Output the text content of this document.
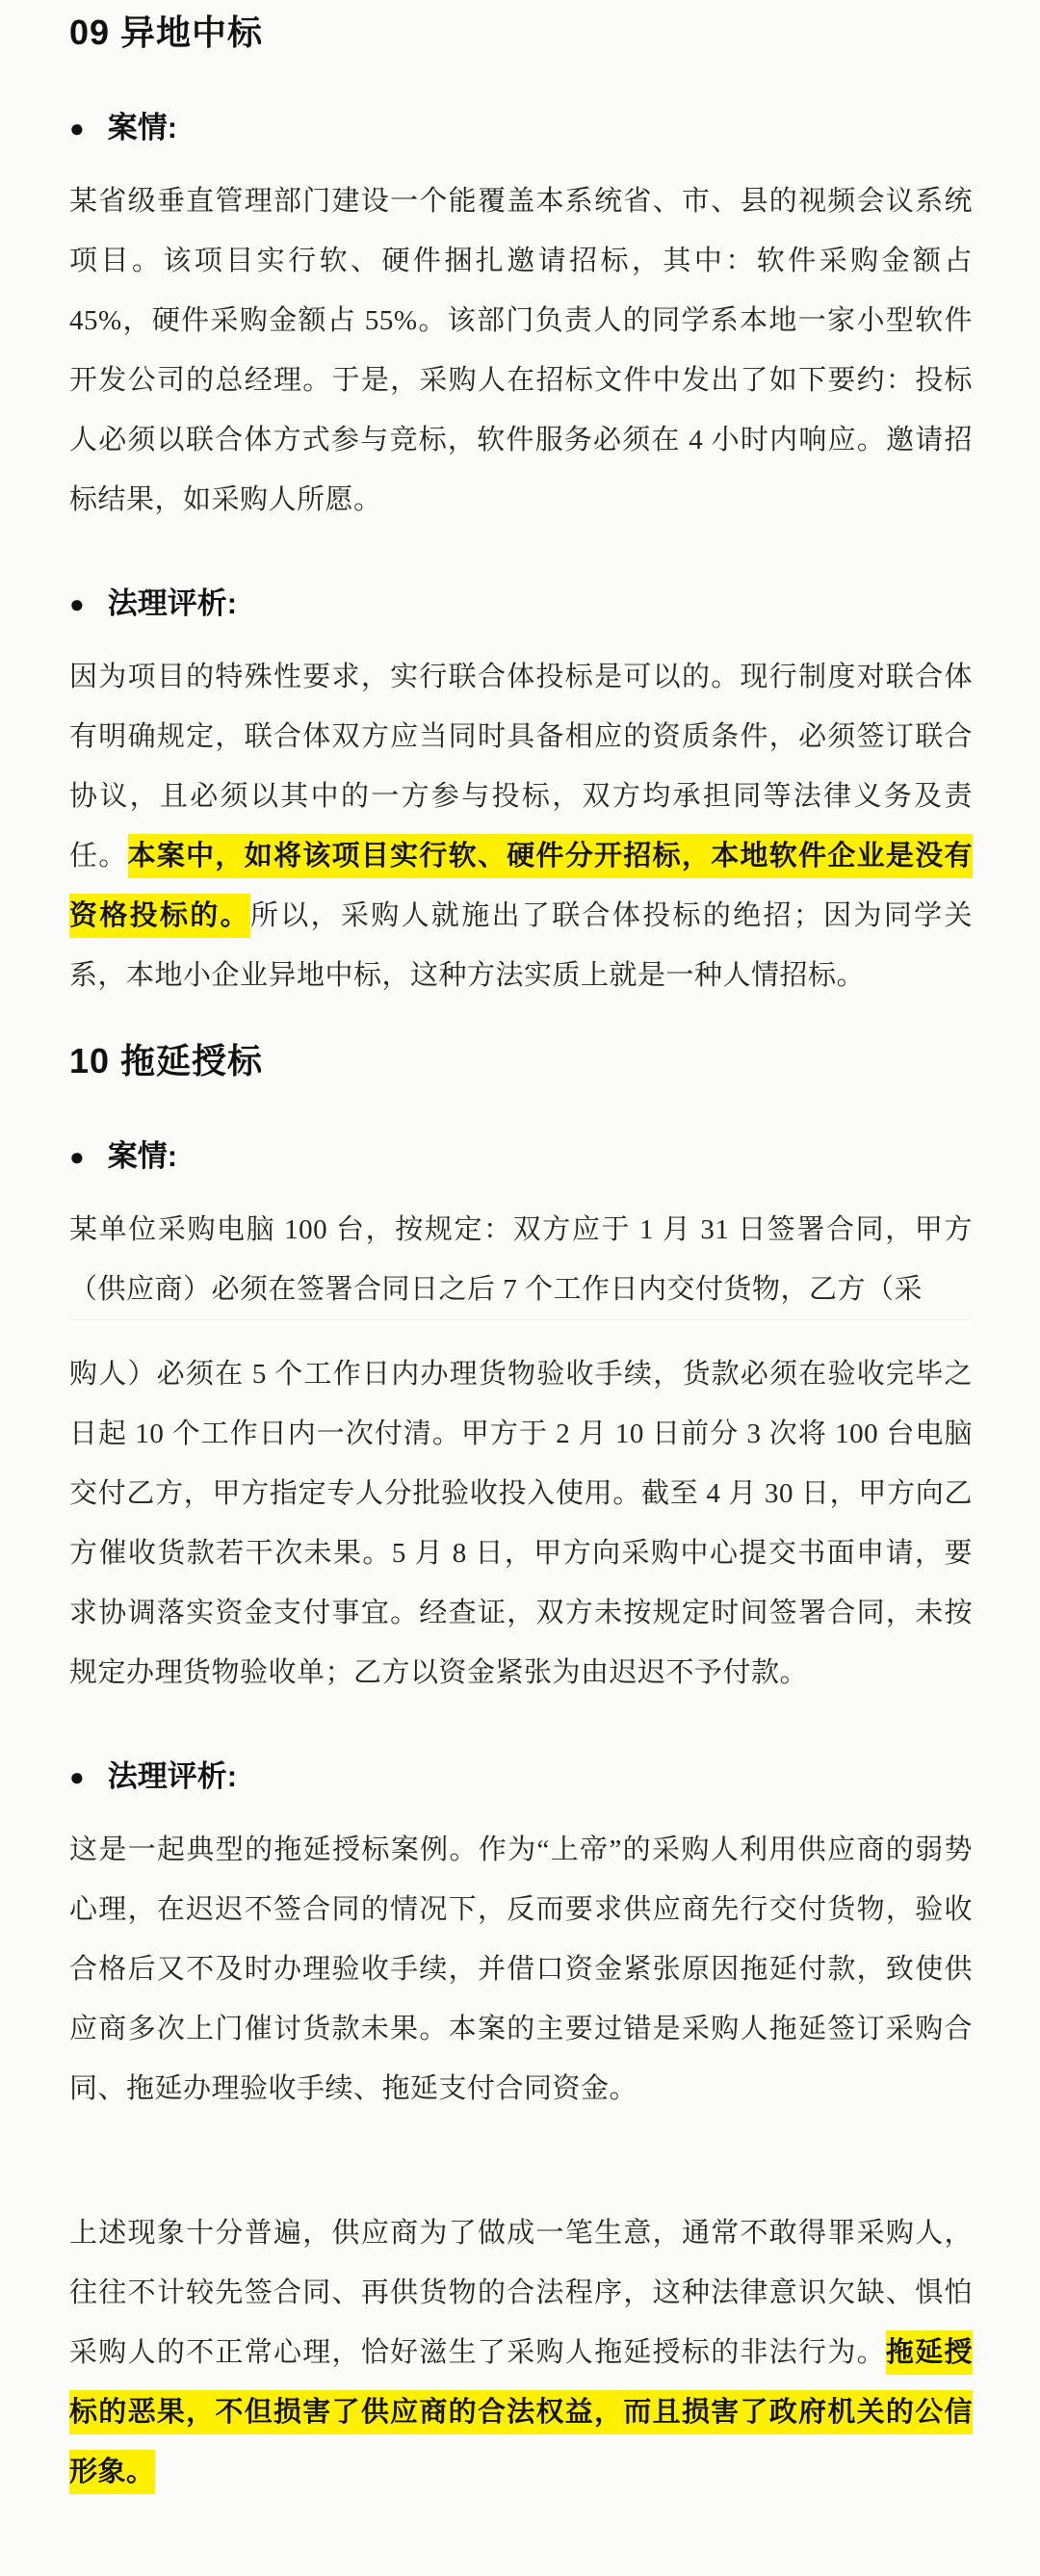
09 异地中标
● 案情:

某省级垂直管理部门建设一个能覆盖本系统省、市、县的视频会议系统项目。该项目实行软、硬件捆扎邀请招标，其中：软件采购金额占 45%，硬件采购金额占 55%。该部门负责人的同学系本地一家小型软件开发公司的总经理。于是，采购人在招标文件中发出了如下要约：投标人必须以联合体方式参与竞标，软件服务必须在 4 小时内响应。邀请招标结果，如采购人所愿。

● 法理评析:

因为项目的特殊性要求，实行联合体投标是可以的。现行制度对联合体有明确规定，联合体双方应当同时具备相应的资质条件，必须签订联合协议，且必须以其中的一方参与投标，双方均承担同等法律义务及责任。本案中，如将该项目实行软、硬件分开招标，本地软件企业是没有资格投标的。所以，采购人就施出了联合体投标的绝招；因为同学关系，本地小企业异地中标，这种方法实质上就是一种人情招标。

10 拖延授标
● 案情:

某单位采购电脑 100 台，按规定：双方应于 1 月 31 日签署合同，甲方（供应商）必须在签署合同日之后 7 个工作日内交付货物，乙方（采

购人）必须在 5 个工作日内办理货物验收手续，货款必须在验收完毕之日起 10 个工作日内一次付清。甲方于 2 月 10 日前分 3 次将 100 台电脑交付乙方，甲方指定专人分批验收投入使用。截至 4 月 30 日，甲方向乙方催收货款若干次未果。5 月 8 日，甲方向采购中心提交书面申请，要求协调落实资金支付事宜。经查证，双方未按规定时间签署合同，未按规定办理货物验收单；乙方以资金紧张为由迟迟不予付款。

● 法理评析:

这是一起典型的拖延授标案例。作为“上帝”的采购人利用供应商的弱势心理，在迟迟不签合同的情况下，反而要求供应商先行交付货物，验收合格后又不及时办理验收手续，并借口资金紧张原因拖延付款，致使供应商多次上门催讨货款未果。本案的主要过错是采购人拖延签订采购合同、拖延办理验收手续、拖延支付合同资金。

上述现象十分普遍，供应商为了做成一笔生意，通常不敢得罪采购人，往往不计较先签合同、再供货物的合法程序，这种法律意识欠缺、惧怕采购人的不正常心理，恰好滋生了采购人拖延授标的非法行为。拖延授标的恶果，不但损害了供应商的合法权益，而且损害了政府机关的公信形象。
